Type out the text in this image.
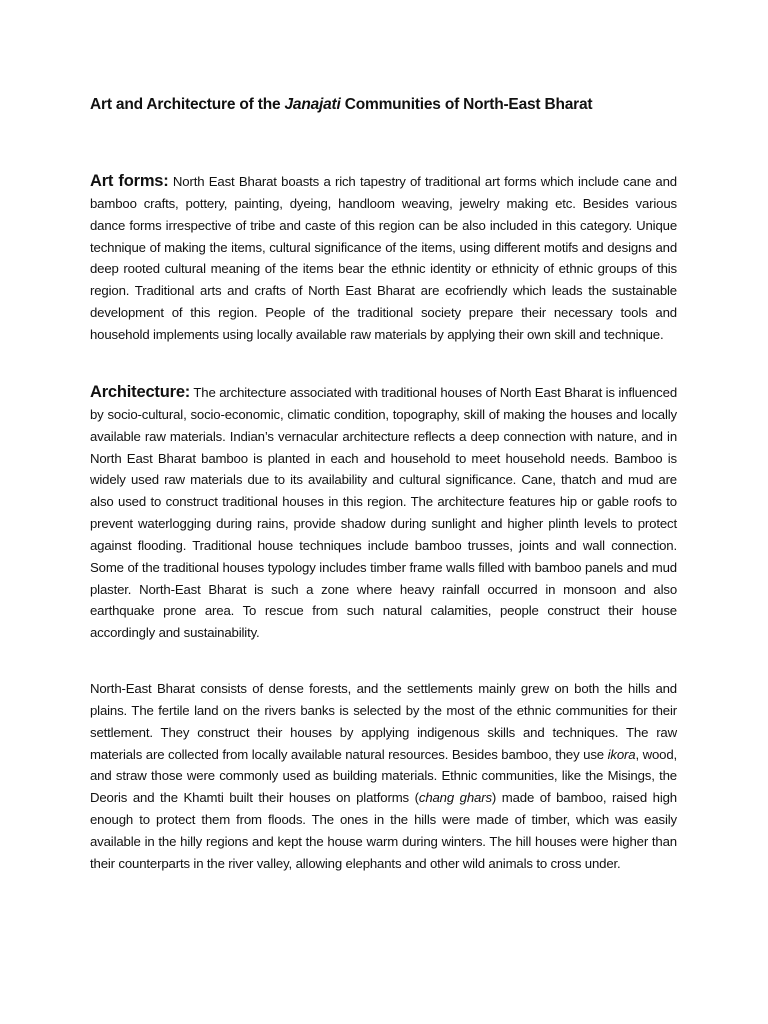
Art and Architecture of the Janajati Communities of North-East Bharat

Art forms: North East Bharat boasts a rich tapestry of traditional art forms which include cane and bamboo crafts, pottery, painting, dyeing, handloom weaving, jewelry making etc. Besides various dance forms irrespective of tribe and caste of this region can be also included in this category. Unique technique of making the items, cultural significance of the items, using different motifs and designs and deep rooted cultural meaning of the items bear the ethnic identity or ethnicity of ethnic groups of this region. Traditional arts and crafts of North East Bharat are ecofriendly which leads the sustainable development of this region. People of the traditional society prepare their necessary tools and household implements using locally available raw materials by applying their own skill and technique.

Architecture: The architecture associated with traditional houses of North East Bharat is influenced by socio-cultural, socio-economic, climatic condition, topography, skill of making the houses and locally available raw materials. Indian’s vernacular architecture reflects a deep connection with nature, and in North East Bharat bamboo is planted in each and household to meet household needs. Bamboo is widely used raw materials due to its availability and cultural significance. Cane, thatch and mud are also used to construct traditional houses in this region. The architecture features hip or gable roofs to prevent waterlogging during rains, provide shadow during sunlight and higher plinth levels to protect against flooding. Traditional house techniques include bamboo trusses, joints and wall connection. Some of the traditional houses typology includes timber frame walls filled with bamboo panels and mud plaster. North-East Bharat is such a zone where heavy rainfall occurred in monsoon and also earthquake prone area. To rescue from such natural calamities, people construct their house accordingly and sustainability.

North-East Bharat consists of dense forests, and the settlements mainly grew on both the hills and plains. The fertile land on the rivers banks is selected by the most of the ethnic communities for their settlement. They construct their houses by applying indigenous skills and techniques. The raw materials are collected from locally available natural resources. Besides bamboo, they use ikora, wood, and straw those were commonly used as building materials. Ethnic communities, like the Misings, the Deoris and the Khamti built their houses on platforms (chang ghars) made of bamboo, raised high enough to protect them from floods. The ones in the hills were made of timber, which was easily available in the hilly regions and kept the house warm during winters. The hill houses were higher than their counterparts in the river valley, allowing elephants and other wild animals to cross under.
